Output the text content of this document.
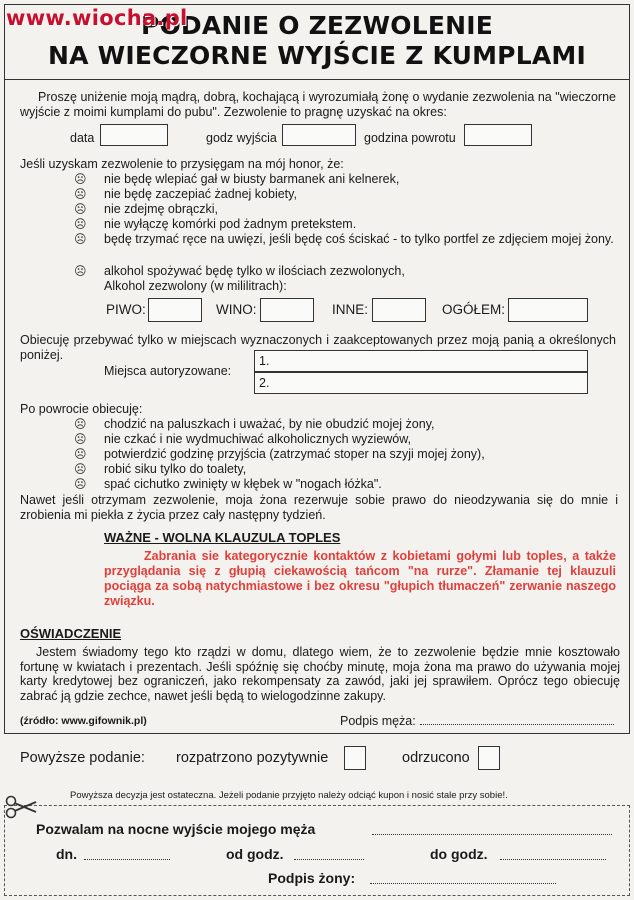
www.wiocha.pl
PODANIE O ZEZWOLENIE
NA WIECZORNE WYJŚCIE Z KUMPLAMI
Proszę uniżenie moją mądrą, dobrą, kochającą i wyrozumiałą żonę o wydanie zezwolenia na "wieczorne wyjście z moimi kumplami do pubu". Zezwolenie to pragnę uzyskać na okres:
data	godz wyjścia	godzina powrotu
Jeśli uzyskam zezwolenie to przysięgam na mój honor, że:
☹ nie będę wlepiać gał w biusty barmanek ani kelnerek,
☹ nie będę zaczepiać żadnej kobiety,
☹ nie zdejmę obrączki,
☹ nie wyłączę komórki pod żadnym pretekstem.
☹ będę trzymać ręce na uwięzi, jeśli będę coś ściskać - to tylko portfel ze zdjęciem mojej żony.
☹ alkohol spożywać będę tylko w ilościach zezwolonych,
Alkohol zezwolony (w mililitrach):
PIWO:	WINO:	INNE:	OGÓŁEM:
Obiecuję przebywać tylko w miejscach wyznaczonych i zaakceptowanych przez moją panią a określonych poniżej.
Miejsca autoryzowane:
1.
2.
Po powrocie obiecuję:
☹ chodzić na paluszkach i uważać, by nie obudzić mojej żony,
☹ nie czkać i nie wydmuchiwać alkoholicznych wyziewów,
☹ potwierdzić godzinę przyjścia (zatrzymać stoper na szyji mojej żony),
☹ robić siku tylko do toalety,
☹ spać cichutko zwinięty w kłębek w "nogach łóżka".
Nawet jeśli otrzymam zezwolenie, moja żona rezerwuje sobie prawo do nieodzywania się do mnie i zrobienia mi piekła z życia przez cały następny tydzień.
WAŻNE - WOLNA KLAUZULA TOPLES
Zabrania sie kategorycznie kontaktów z kobietami gołymi lub toples, a także przyglądania się z głupią ciekawością tańcom "na rurze". Złamanie tej klauzuli pociąga za sobą natychmiastowe i bez okresu "głupich tłumaczeń" zerwanie naszego związku.
OŚWIADCZENIE
Jestem świadomy tego kto rządzi w domu, dlatego wiem, że to zezwolenie będzie mnie kosztowało fortunę w kwiatach i prezentach. Jeśli spóźnię się choćby minutę, moja żona ma prawo do używania mojej karty kredytowej bez ograniczeń, jako rekompensaty za zawód, jaki jej sprawiłem. Oprócz tego obiecuję zabrać ją gdzie zechce, nawet jeśli będą to wielogodzinne zakupy.
(źródło: www.gifownik.pl)	Podpis męża:
Powyższe podanie: rozpatrzono pozytywnie	odrzucono
Powyższa decyzja jest ostateczna. Jeżeli podanie przyjęto należy odciąć kupon i nosić stale przy sobie!.
Pozwalam na nocne wyjście mojego męża
dn.	od godz.	do godz.
Podpis żony:
